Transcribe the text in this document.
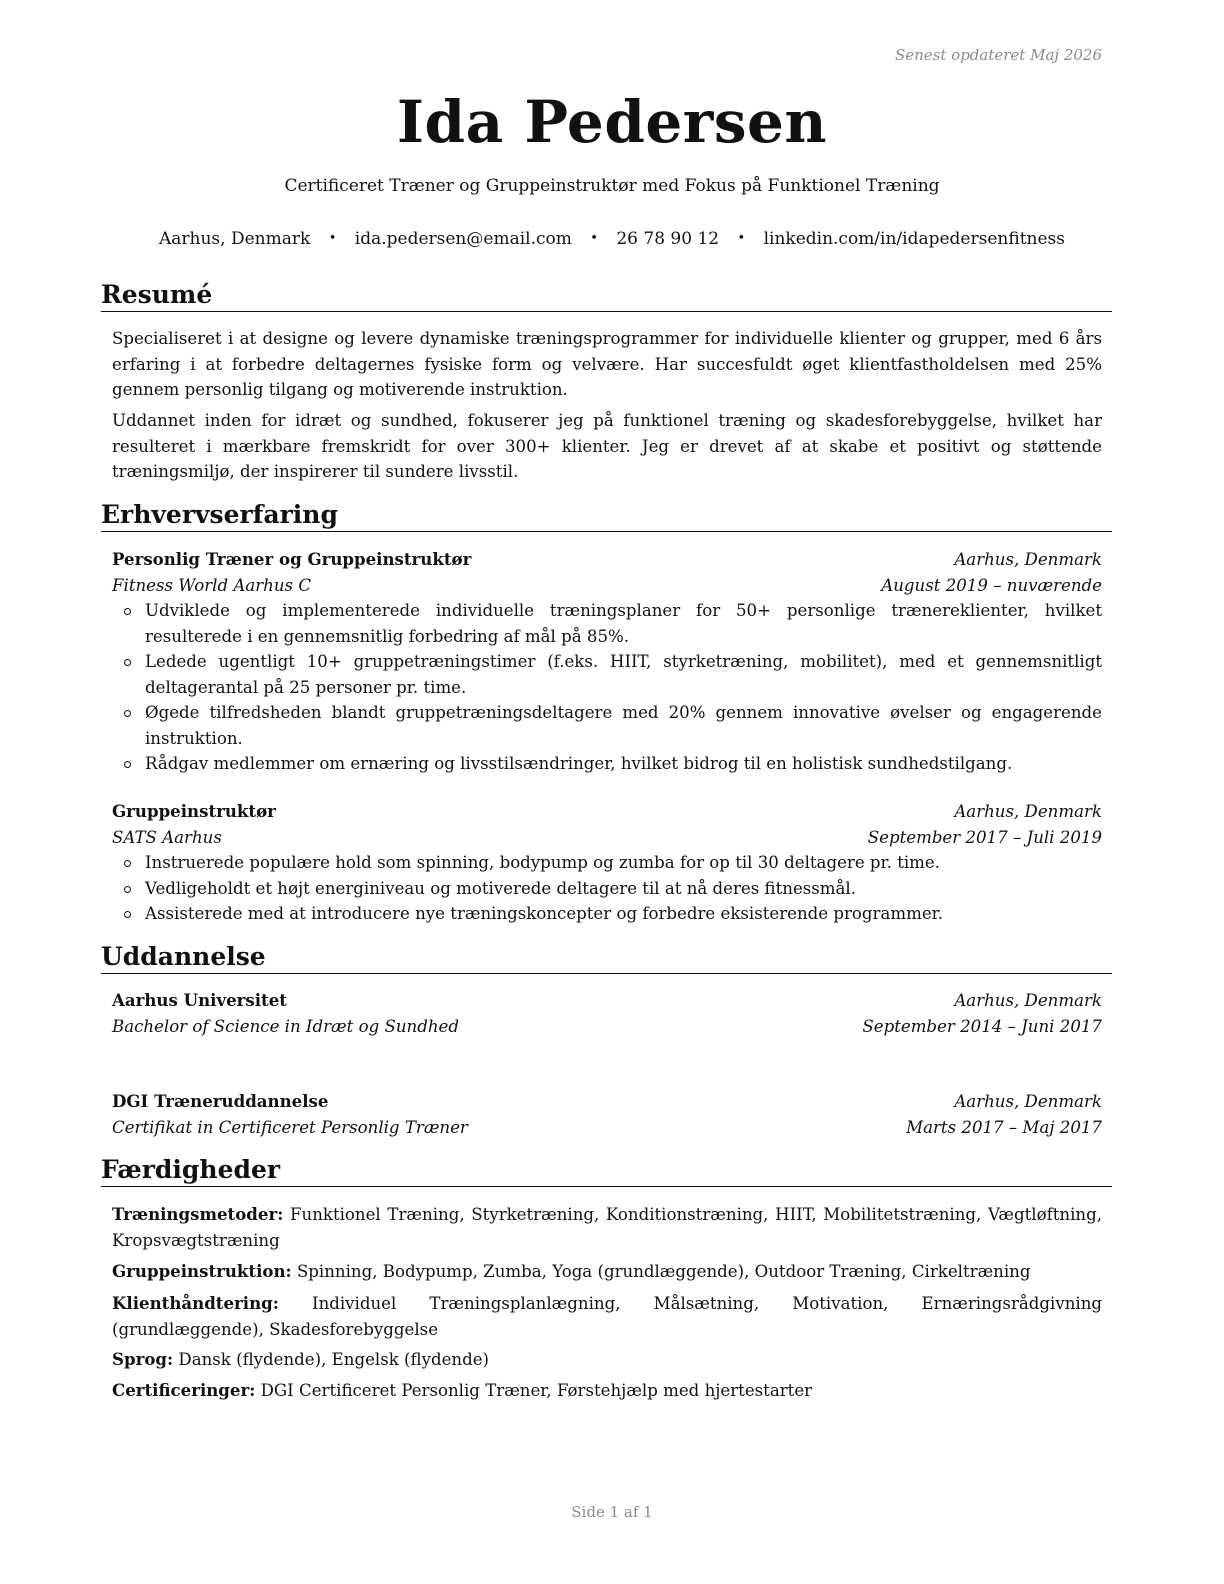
Senest opdateret Maj 2026
Ida Pedersen
Certificeret Træner og Gruppeinstruktør med Fokus på Funktionel Træning
Aarhus, Denmark • ida.pedersen@email.com • 26 78 90 12 • linkedin.com/in/idapedersenfitness
Resumé
Specialiseret i at designe og levere dynamiske træningsprogrammer for individuelle klienter og grupper, med 6 års erfaring i at forbedre deltagernes fysiske form og velvære. Har succesfuldt øget klientfastholdelsen med 25% gennem personlig tilgang og motiverende instruktion.
Uddannet inden for idræt og sundhed, fokuserer jeg på funktionel træning og skadesforebyggelse, hvilket har resulteret i mærkbare fremskridt for over 300+ klienter. Jeg er drevet af at skabe et positivt og støttende træningsmiljø, der inspirerer til sundere livsstil.
Erhvervserfaring
Personlig Træner og Gruppeinstruktør	Aarhus, Denmark
Fitness World Aarhus C	August 2019 – nuværende
Udviklede og implementerede individuelle træningsplaner for 50+ personlige trænereklienter, hvilket resulterede i en gennemsnitlig forbedring af mål på 85%.
Ledede ugentligt 10+ gruppetræningstimer (f.eks. HIIT, styrketræning, mobilitet), med et gennemsnitligt deltagerantal på 25 personer pr. time.
Øgede tilfredsheden blandt gruppetræningsdeltagere med 20% gennem innovative øvelser og engagerende instruktion.
Rådgav medlemmer om ernæring og livsstilsændringer, hvilket bidrog til en holistisk sundhedstilgang.
Gruppeinstruktør	Aarhus, Denmark
SATS Aarhus	September 2017 – Juli 2019
Instruerede populære hold som spinning, bodypump og zumba for op til 30 deltagere pr. time.
Vedligeholdt et højt energiniveau og motiverede deltagere til at nå deres fitnessmål.
Assisterede med at introducere nye træningskoncepter og forbedre eksisterende programmer.
Uddannelse
Aarhus Universitet	Aarhus, Denmark
Bachelor of Science in Idræt og Sundhed	September 2014 – Juni 2017
DGI Træneruddannelse	Aarhus, Denmark
Certifikat in Certificeret Personlig Træner	Marts 2017 – Maj 2017
Færdigheder
Træningsmetoder: Funktionel Træning, Styrketræning, Konditionstræning, HIIT, Mobilitetstræning, Vægtløftning, Kropsvægtstræning
Gruppeinstruktion: Spinning, Bodypump, Zumba, Yoga (grundlæggende), Outdoor Træning, Cirkeltræning
Klienthåndtering: Individuel Træningsplanlægning, Målsætning, Motivation, Ernæringsrådgivning (grundlæggende), Skadesforebyggelse
Sprog: Dansk (flydende), Engelsk (flydende)
Certificeringer: DGI Certificeret Personlig Træner, Førstehjælp med hjertestarter
Side 1 af 1
